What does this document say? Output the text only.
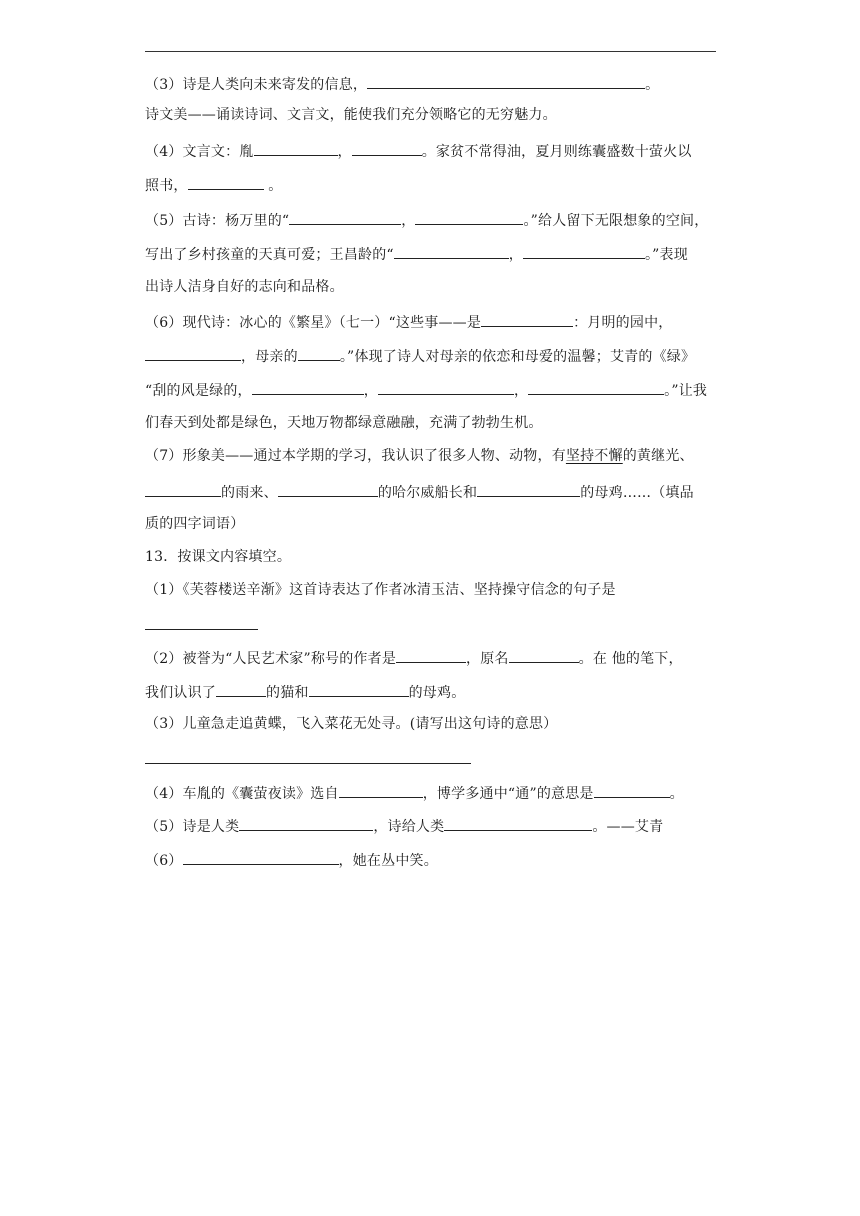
（3）诗是人类向未来寄发的信息，	。
诗文美——诵读诗词、文言文，能使我们充分领略它的无穷魅力。
（4）文言文：胤	，	。家贫不常得油，夏月则练囊盛数十萤火以
照书，	。
（5）古诗：杨万里的“	，	。”给人留下无限想象的空间，
写出了乡村孩童的天真可爱；王昌龄的“	，	。”表现
出诗人洁身自好的志向和品格。
（6）现代诗：冰心的《繁星》（七一）“这些事——是	：月明的园中，
，母亲的	。”体现了诗人对母亲的依恋和母爱的温馨；艾青的《绿》
“刮的风是绿的，	，	，	。”让我
们春天到处都是绿色，天地万物都绿意融融，充满了勃勃生机。
（7）形象美——通过本学期的学习，我认识了很多人物、动物，有坚持不懈的黄继光、
的雨来、	的哈尔威船长和	的母鸡……（填品
质的四字词语）
13．按课文内容填空。
（1）《芙蓉楼送辛渐》这首诗表达了作者冰清玉洁、坚持操守信念的句子是
（2）被誉为“人民艺术家”称号的作者是	，原名	。在 他的笔下，
我们认识了	的猫和	的母鸡。
（3）儿童急走追黄蝶，飞入菜花无处寻。(请写出这句诗的意思）
（4）车胤的《囊萤夜读》选自	，博学多通中“通”的意思是	。
（5）诗是人类	，诗给人类	。——艾青
（6）	，她在丛中笑。
